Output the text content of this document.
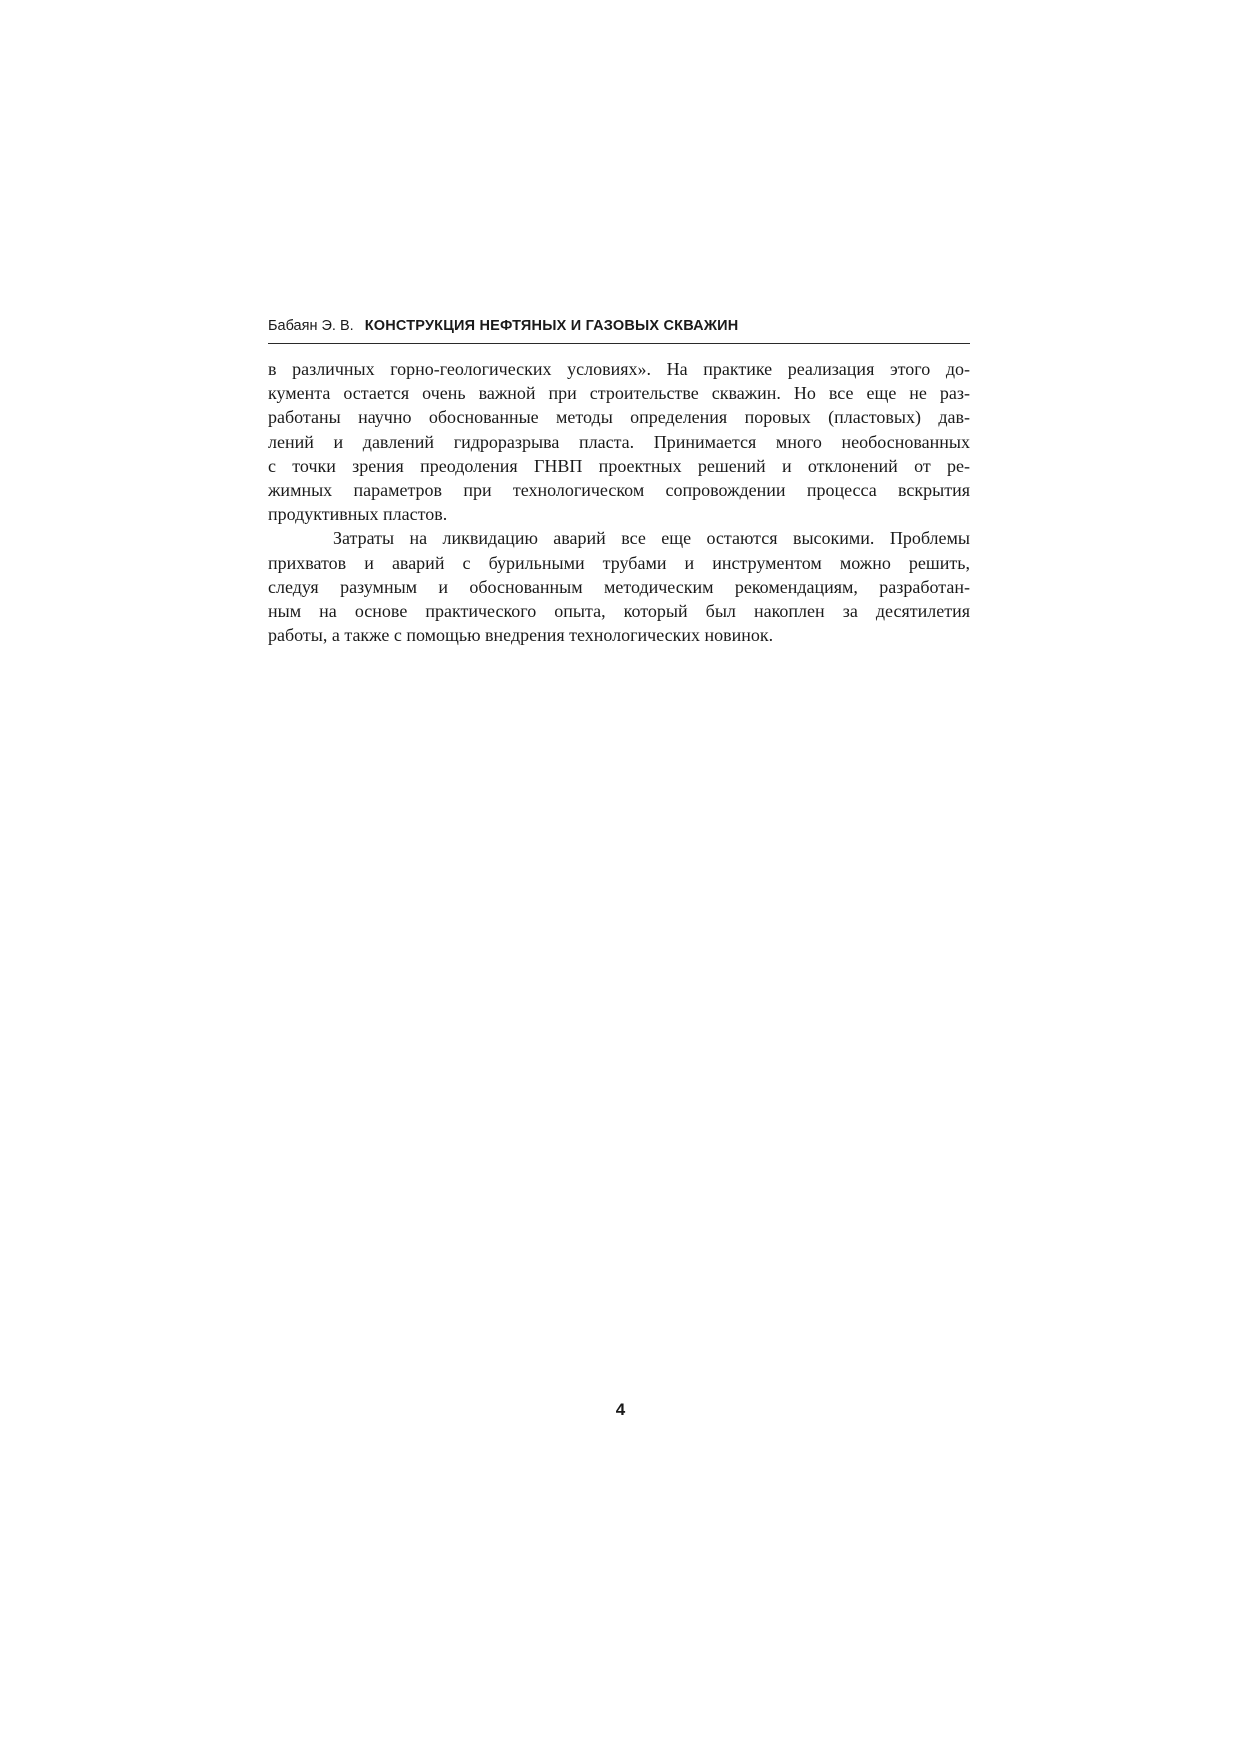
Бабаян Э. В. КОНСТРУКЦИЯ НЕФТЯНЫХ И ГАЗОВЫХ СКВАЖИН
в различных горно-геологических условиях». На практике реализация этого до-
кумента остается очень важной при строительстве скважин. Но все еще не раз-
работаны научно обоснованные методы определения поровых (пластовых) дав-
лений и давлений гидроразрыва пласта. Принимается много необоснованных
с точки зрения преодоления ГНВП проектных решений и отклонений от ре-
жимных параметров при технологическом сопровождении процесса вскрытия
продуктивных пластов.
Затраты на ликвидацию аварий все еще остаются высокими. Проблемы
прихватов и аварий с бурильными трубами и инструментом можно решить,
следуя разумным и обоснованным методическим рекомендациям, разработан-
ным на основе практического опыта, который был накоплен за десятилетия
работы, а также с помощью внедрения технологических новинок.
4
